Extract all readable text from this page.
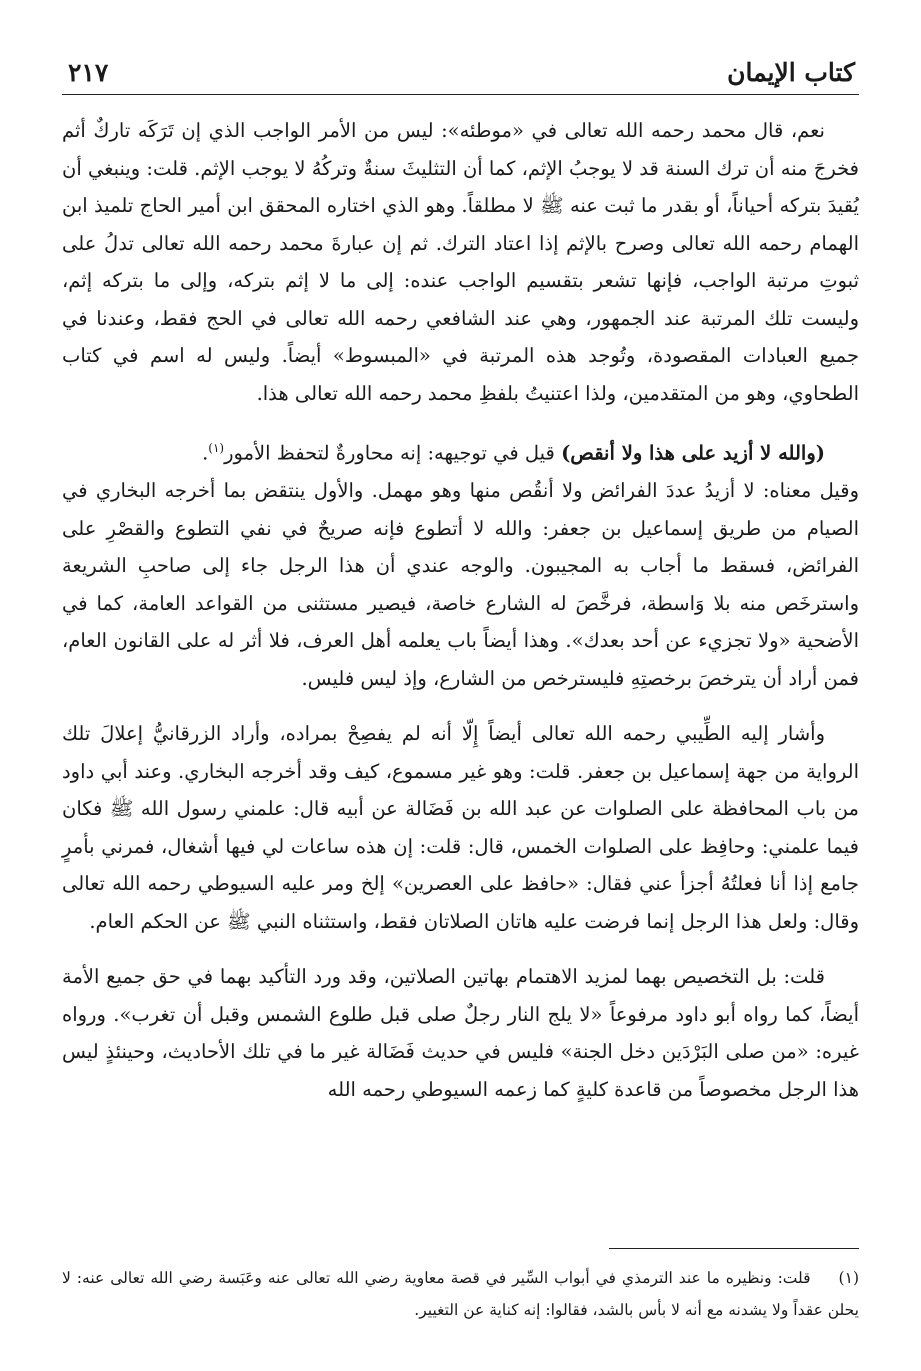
كتاب الإيمان
٢١٧

نعم، قال محمد رحمه الله تعالى في «موطئه»: ليس من الأمر الواجب الذي إن تَرَكَه تاركٌ أثم فخرجَ منه أن ترك السنة قد لا يوجبُ الإثم، كما أن التثليثَ سنةٌ وتركُهُ لا يوجب الإثم. قلت: وينبغي أن يُقيدَ بتركه أحياناً، أو بقدر ما ثبت عنه ﷺ لا مطلقاً. وهو الذي اختاره المحقق ابن أمير الحاج تلميذ ابن الهمام رحمه الله تعالى وصرح بالإثم إذا اعتاد الترك. ثم إن عبارةَ محمد رحمه الله تعالى تدلُ على ثبوتِ مرتبة الواجب، فإنها تشعر بتقسيم الواجب عنده: إلى ما لا إثم بتركه، وإلى ما بتركه إثم، وليست تلك المرتبة عند الجمهور، وهي عند الشافعي رحمه الله تعالى في الحج فقط، وعندنا في جميع العبادات المقصودة، وتُوجد هذه المرتبة في «المبسوط» أيضاً. وليس له اسم في كتاب الطحاوي، وهو من المتقدمين، ولذا اعتنيتُ بلفظِ محمد رحمه الله تعالى هذا.

(والله لا أزيد على هذا ولا أنقص) قيل في توجيهه: إنه محاورةٌ لتحفظ الأمور$^{(١)}$.
وقيل معناه: لا أزيدُ عددَ الفرائض ولا أنقُص منها وهو مهمل. والأول ينتقض بما أخرجه البخاري في الصيام من طريق إسماعيل بن جعفر: والله لا أتطوع فإنه صريحٌ في نفي التطوع والقصْرِ على الفرائض، فسقط ما أجاب به المجيبون. والوجه عندي أن هذا الرجل جاء إلى صاحبِ الشريعة واسترخَص منه بلا وَاسطة، فرخَّصَ له الشارع خاصة، فيصير مستثنى من القواعد العامة، كما في الأضحية «ولا تجزيء عن أحد بعدك». وهذا أيضاً باب يعلمه أهل العرف، فلا أثر له على القانون العام، فمن أراد أن يترخصَ برخصتِهِ فليسترخص من الشارع، وإذ ليس فليس.

وأشار إليه الطِّيبي رحمه الله تعالى أيضاً إِلّا أنه لم يفصِحْ بمراده، وأراد الزرقانيُّ إعلالَ تلك الرواية من جهة إسماعيل بن جعفر. قلت: وهو غير مسموع، كيف وقد أخرجه البخاري. وعند أبي داود من باب المحافظة على الصلوات عن عبد الله بن فَضَالة عن أبيه قال: علمني رسول الله ﷺ فكان فيما علمني: وحافِظ على الصلوات الخمس، قال: قلت: إن هذه ساعات لي فيها أشغال، فمرني بأمرٍ جامع إذا أنا فعلتُهُ أجزأ عني فقال: «حافظ على العصرين» إلخ ومر عليه السيوطي رحمه الله تعالى وقال: ولعل هذا الرجل إنما فرضت عليه هاتان الصلاتان فقط، واستثناه النبي ﷺ عن الحكم العام.

قلت: بل التخصيص بهما لمزيد الاهتمام بهاتين الصلاتين، وقد ورد التأكيد بهما في حق جميع الأمة أيضاً، كما رواه أبو داود مرفوعاً «لا يلج النار رجلٌ صلى قبل طلوع الشمس وقبل أن تغرب». ورواه غيره: «من صلى البَرْدَين دخل الجنة» فليس في حديث فَضَالة غير ما في تلك الأحاديث، وحينئذٍ ليس هذا الرجل مخصوصاً من قاعدة كليةٍ كما زعمه السيوطي رحمه الله

(١)قلت: ونظيره ما عند الترمذي في أبواب السِّير في قصة معاوية رضي الله تعالى عنه وعَبَسة رضي الله تعالى عنه: لا يحلن عقداً ولا يشدنه مع أنه لا بأس بالشد، فقالوا: إنه كناية عن التغيير.
